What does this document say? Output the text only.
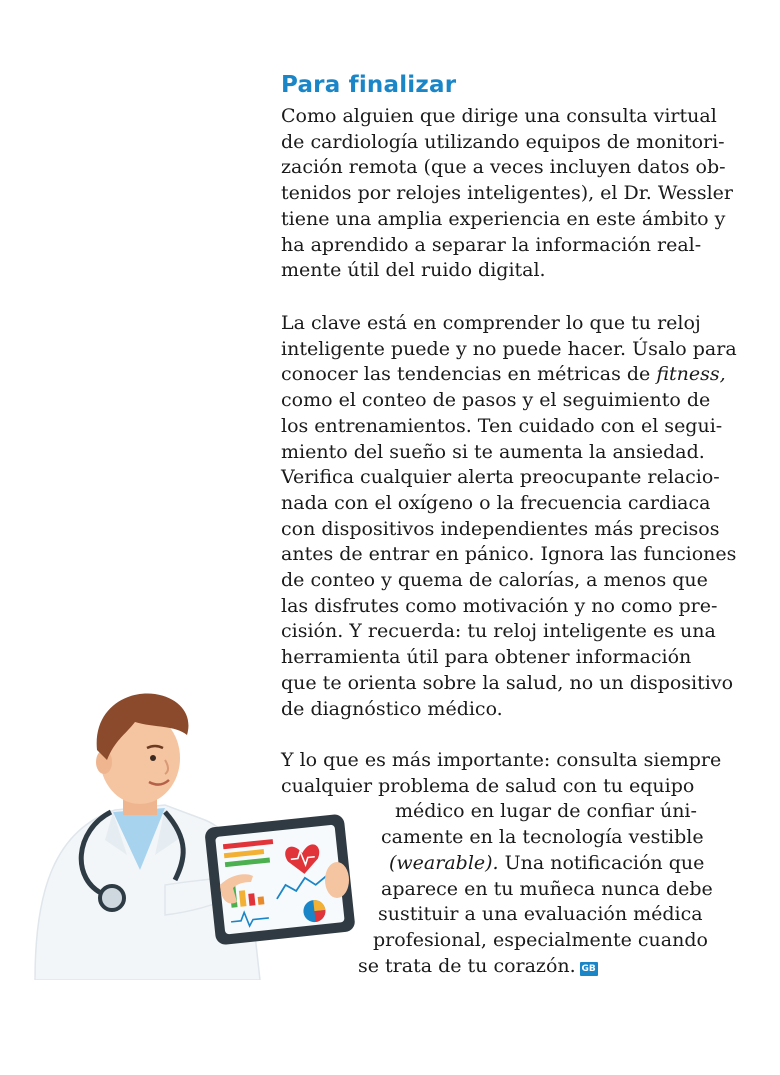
Para finalizar
Como alguien que dirige una consulta virtual
de cardiología utilizando equipos de monitori-
zación remota (que a veces incluyen datos ob-
tenidos por relojes inteligentes), el Dr. Wessler
tiene una amplia experiencia en este ámbito y
ha aprendido a separar la información real-
mente útil del ruido digital.
La clave está en comprender lo que tu reloj
inteligente puede y no puede hacer. Úsalo para
conocer las tendencias en métricas de fitness,
como el conteo de pasos y el seguimiento de
los entrenamientos. Ten cuidado con el segui-
miento del sueño si te aumenta la ansiedad.
Verifica cualquier alerta preocupante relacio-
nada con el oxígeno o la frecuencia cardiaca
con dispositivos independientes más precisos
antes de entrar en pánico. Ignora las funciones
de conteo y quema de calorías, a menos que
las disfrutes como motivación y no como pre-
cisión. Y recuerda: tu reloj inteligente es una
herramienta útil para obtener información
que te orienta sobre la salud, no un dispositivo
de diagnóstico médico.
Y lo que es más importante: consulta siempre
cualquier problema de salud con tu equipo
médico en lugar de confiar úni-
camente en la tecnología vestible
(wearable). Una notificación que
aparece en tu muñeca nunca debe
sustituir a una evaluación médica
profesional, especialmente cuando
se trata de tu corazón. GB
